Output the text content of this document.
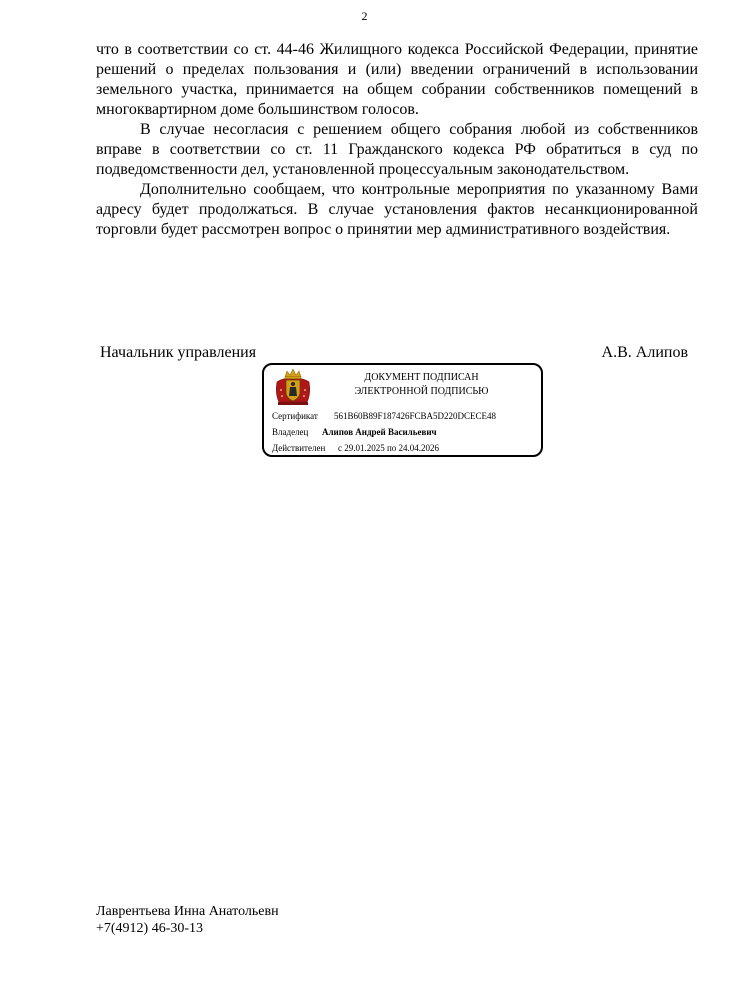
2

что в соответствии со ст. 44-46 Жилищного кодекса Российской Федерации, принятие решений о пределах пользования и (или) введении ограничений в использовании земельного участка, принимается на общем собрании собственников помещений в многоквартирном доме большинством голосов.

В случае несогласия с решением общего собрания любой из собственников вправе в соответствии со ст. 11 Гражданского кодекса РФ обратиться в суд по подведомственности дел, установленной процессуальным законодательством.

Дополнительно сообщаем, что контрольные мероприятия по указанному Вами адресу будет продолжаться. В случае установления фактов несанкционированной торговли будет рассмотрен вопрос о принятии мер административного воздействия.

Начальник управления	А.В. Алипов
ДОКУМЕНТ ПОДПИСАН
ЭЛЕКТРОННОЙ ПОДПИСЬЮ
Сертификат 561B60B89F187426FCBA5D220DCECE48
Владелец Алипов Андрей Васильевич
Действителен с 29.01.2025 по 24.04.2026
Лаврентьева Инна Анатольевн
+7(4912) 46-30-13
